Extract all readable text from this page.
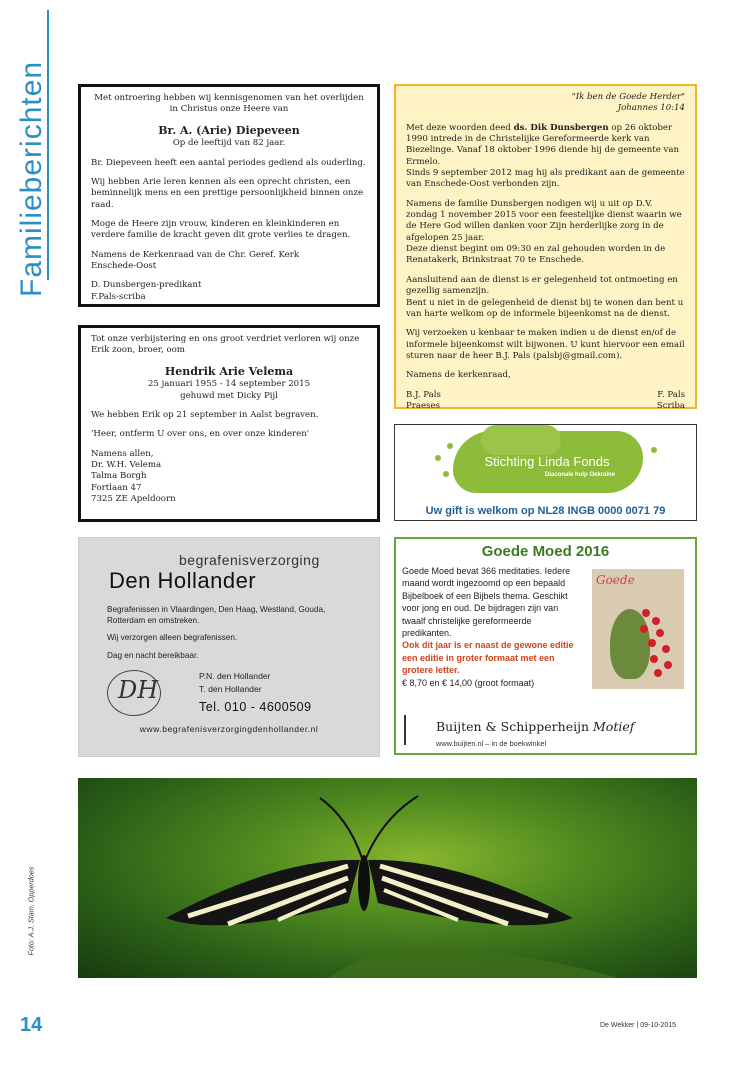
Familieberichten	Met ontroering hebben wij kennisgenomen van het overlijden in Christus onze Heere van

Br. A. (Arie) Diepeveen

Op de leeftijd van 82 jaar.

Br. Diepeveen heeft een aantal periodes gediend als ouderling.

Wij hebben Arie leren kennen als een oprecht christen, een beminnelijk mens en een prettige persoonlijkheid binnen onze raad.

Moge de Heere zijn vrouw, kinderen en kleinkinderen en verdere familie de kracht geven dit grote verlies te dragen.

Namens de Kerkenraad van de Chr. Geref. Kerk

Enschede-Oost

D. Dunsbergen-predikant
F.Pals-scriba

Tot onze verbijstering en ons groot verdriet verloren wij onze Erik zoon, broer, oom

Hendrik Arie Velema
25 januari 1955 - 14 september 2015

gehuwd met Dicky Pijl

We hebben Erik op 21 september in Aalst begraven.

'Heer, ontferm U over ons, en over onze kinderen'

Namens allen,
Dr. W.H. Velema
Talma Borgh
Fortlaan 47
7325 ZE Apeldoorn
"Ik ben de Goede Herder"
Johannes 10:14
Met deze woorden deed ds. Dik Dunsbergen op 26 oktober 1990 intrede in de Christelijke Gereformeerde kerk van Biezelinge. Vanaf 18 oktober 1996 diende hij de gemeente van Ermelo.

Sinds 9 september 2012 mag hij als predikant aan de gemeente van Enschede-Oost verbonden zijn.

Namens de familie Dunsbergen nodigen wij u uit op D.V. zondag 1 november 2015 voor een feestelijke dienst waarin we de Here God willen danken voor Zijn herderlijke zorg in de afgelopen 25 jaar.

Deze dienst begint om 09:30 en zal gehouden worden in de Renatakerk, Brinkstraat 70 te Enschede.

Aansluitend aan de dienst is er gelegenheid tot ontmoeting en gezellig samenzijn.

Bent u niet in de gelegenheid de dienst bij te wonen dan bent u van harte welkom op de informele bijeenkomst na de dienst.

Wij verzoeken u kenbaar te maken indien u de dienst en/of de informele bijeenkomst wilt bijwonen. U kunt hiervoor een email sturen naar de heer B.J. Pals (palsbj@gmail.com).

Namens de kerkenraad,

B.J. Pals
Praeses
F. Pals
Scriba
Stichting Linda Fonds
Diaconale hulp Oekraïne
Uw gift is welkom op NL28 INGB 0000 0071 79
begrafenisverzorging
Den Hollander
Begrafenissen in Vlaardingen, Den Haag, Westland, Gouda, Rotterdam en omstreken.
Wij verzorgen alleen begrafenissen.
Dag en nacht bereikbaar.
DH	P.N. den Hollander
T. den Hollander
Tel. 010 - 4600509
www.begrafenisverzorgingdenhollander.nl
Goede Moed 2016
Goede Moed bevat 366 meditaties. Iedere maand wordt ingezoomd op een bepaald Bijbelboek of een Bijbels thema. Geschikt voor jong en oud. De bijdragen zijn van twaalf christelijke gereformeerde predikanten.
Ook dit jaar is er naast de gewone editie een editie in groter formaat met een grotere letter.
€ 8,70 en € 14,00 (groot formaat)
Goede
Buijten & Schipperheijn Motief
www.buijten.nl – in de boekwinkel
Foto: A.J. Stam, Opperdoes
14	De Wekker | 09-10-2015
